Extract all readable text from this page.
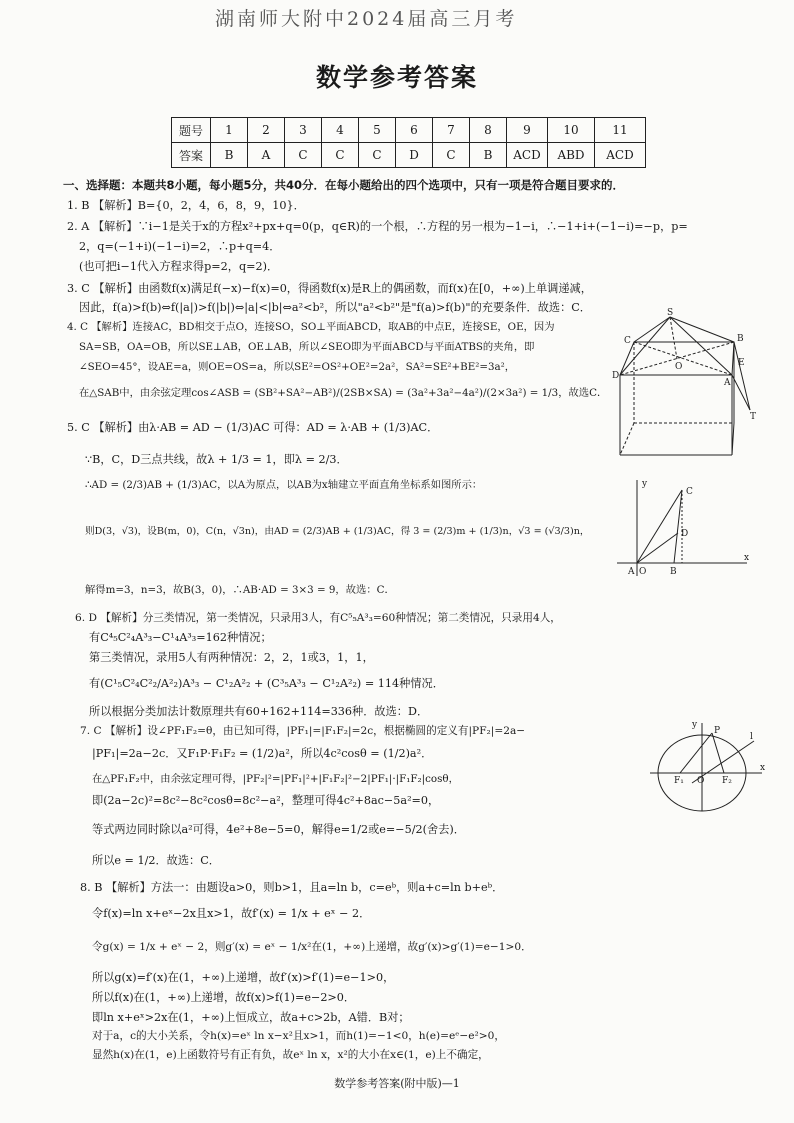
湖南师大附中2024届高三月考
数学参考答案
题号	1	2	3	4	5	6	7	8	9	10	11
答案	B	A	C	C	C	D	C	B	ACD	ABD	ACD
一、选择题：本题共8小题，每小题5分，共40分．在每小题给出的四个选项中，只有一项是符合题目要求的．
1. B 【解析】B={0，2，4，6，8，9，10}．
2. A 【解析】∵i−1是关于x的方程x²+px+q=0(p，q∈R)的一个根，∴方程的另一根为−1−i，∴−1+i+(−1−i)=−p，p=
2，q=(−1+i)(−1−i)=2，∴p+q=4．
(也可把i−1代入方程求得p=2，q=2)．
3. C 【解析】由函数f(x)满足f(−x)−f(x)=0，得函数f(x)是R上的偶函数，而f(x)在[0，+∞)上单调递减，
因此，f(a)>f(b)⇔f(|a|)>f(|b|)⇔|a|<|b|⇔a²<b²，所以"a²<b²"是"f(a)>f(b)"的充要条件．故选：C．
4. C 【解析】连接AC，BD相交于点O，连接SO，SO⊥平面ABCD，取AB的中点E，连接SE，OE，因为
SA=SB，OA=OB，所以SE⊥AB，OE⊥AB，所以∠SEO即为平面ABCD与平面ATBS的夹角，即
∠SEO=45°，设AE=a，则OE=OS=a，所以SE²=OS²+OE²=2a²，SA²=SE²+BE²=3a²，
在△SAB中，由余弦定理cos∠ASB = (SB²+SA²−AB²)/(2SB×SA) = (3a²+3a²−4a²)/(2×3a²) = 1/3，故选C．
5. C 【解析】由λ·AB = AD − (1/3)AC 可得：AD = λ·AB + (1/3)AC．
∵B，C，D三点共线，故λ + 1/3 = 1，即λ = 2/3．
∴AD = (2/3)AB + (1/3)AC，以A为原点，以AB为x轴建立平面直角坐标系如图所示：
则D(3，√3)，设B(m，0)，C(n，√3n)，由AD = (2/3)AB + (1/3)AC，得 3 = (2/3)m + (1/3)n，√3 = (√3/3)n，
解得m=3，n=3，故B(3，0)，∴AB·AD = 3×3 = 9，故选：C．
6. D 【解析】分三类情况，第一类情况，只录用3人，有C⁵₅A³₃=60种情况；第二类情况，只录用4人，
有C⁴₅C²₄A³₃−C¹₄A³₃=162种情况；
第三类情况，录用5人有两种情况：2，2，1或3，1，1，
有(C¹₅C²₄C²₂/A²₂)A³₃ − C¹₂A²₂ + (C³₅A³₃ − C¹₂A²₂) = 114种情况．
所以根据分类加法计数原理共有60+162+114=336种．故选：D．
7. C 【解析】设∠PF₁F₂=θ，由已知可得，|PF₁|=|F₁F₂|=2c，根据椭圆的定义有|PF₂|=2a−
|PF₁|=2a−2c．又F₁P·F₁F₂ = (1/2)a²，所以4c²cosθ = (1/2)a²．
在△PF₁F₂中，由余弦定理可得，|PF₂|²=|PF₁|²+|F₁F₂|²−2|PF₁|·|F₁F₂|cosθ，
即(2a−2c)²=8c²−8c²cosθ=8c²−a²，整理可得4c²+8ac−5a²=0，
等式两边同时除以a²可得，4e²+8e−5=0，解得e=1/2或e=−5/2(舍去)．
所以e = 1/2．故选：C．
8. B 【解析】方法一：由题设a>0，则b>1，且a=ln b，c=eᵇ，则a+c=ln b+eᵇ．
令f(x)=ln x+eˣ−2x且x>1，故f′(x) = 1/x + eˣ − 2．
令g(x) = 1/x + eˣ − 2，则g′(x) = eˣ − 1/x²在(1，+∞)上递增，故g′(x)>g′(1)=e−1>0．
所以g(x)=f′(x)在(1，+∞)上递增，故f′(x)>f′(1)=e−1>0，
所以f(x)在(1，+∞)上递增，故f(x)>f(1)=e−2>0．
即ln x+eˣ>2x在(1，+∞)上恒成立，故a+c>2b，A错．B对；
对于a，c的大小关系，令h(x)=eˣ ln x−x²且x>1，而h(1)=−1<0，h(e)=eᵉ−e²>0，
显然h(x)在(1，e)上函数符号有正有负，故eˣ ln x，x²的大小在x∈(1，e)上不确定，
S
C	B
D
A
E
O
T
y
C
D
B
A O
x
y
P
l
F₁ O F₂
x
数学参考答案(附中版)—1
